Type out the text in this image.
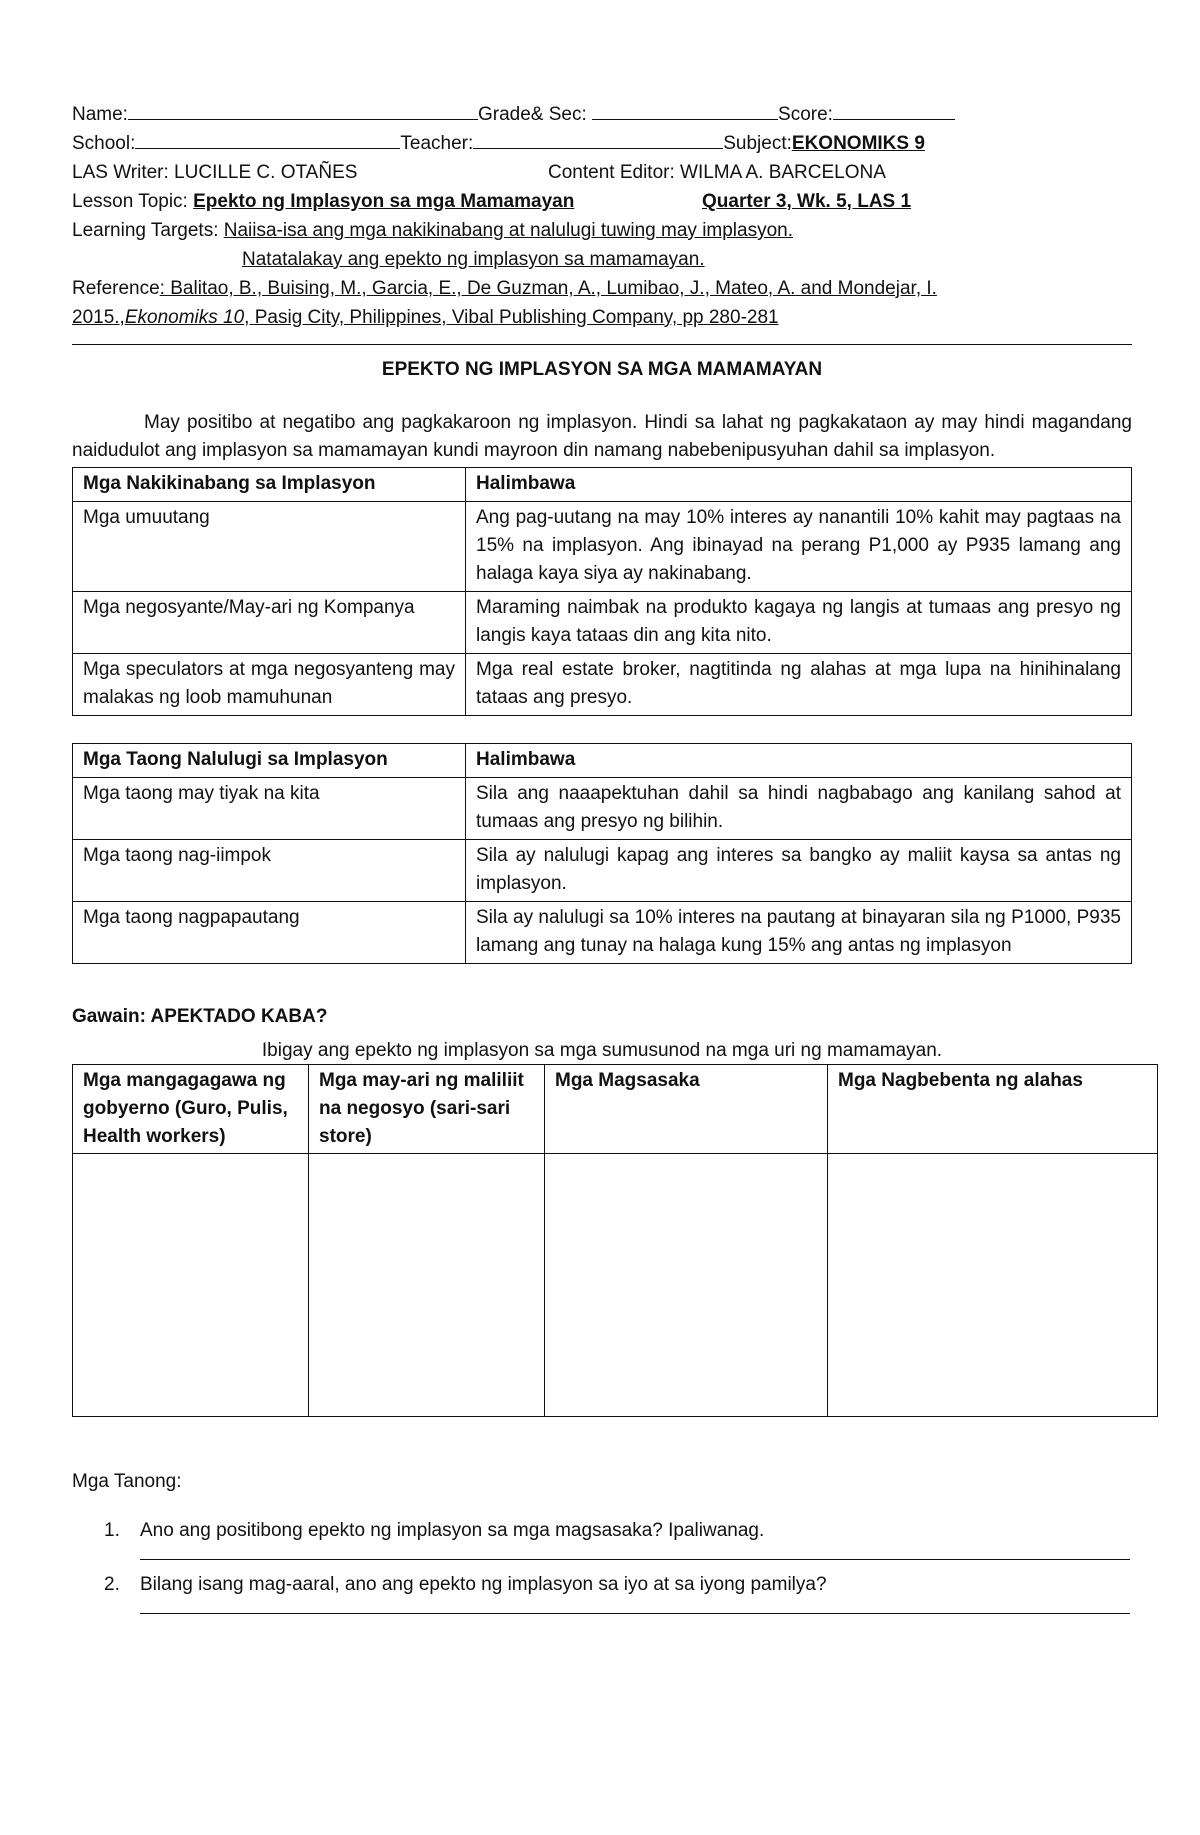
Name:	Grade& Sec:	Score:
School:	Teacher:	Subject:EKONOMIKS 9
LAS Writer: LUCILLE C. OTAÑES	Content Editor: WILMA A. BARCELONA
Lesson Topic: Epekto ng Implasyon sa mga Mamamayan	Quarter 3, Wk. 5, LAS 1
Learning Targets: Naiisa-isa ang mga nakikinabang at nalulugi tuwing may implasyon.
Natatalakay ang epekto ng implasyon sa mamamayan.
Reference: Balitao, B., Buising, M., Garcia, E., De Guzman, A., Lumibao, J., Mateo, A. and Mondejar, I.
2015.,Ekonomiks 10, Pasig City, Philippines, Vibal Publishing Company, pp 280-281
EPEKTO NG IMPLASYON SA MGA MAMAMAYAN

May positibo at negatibo ang pagkakaroon ng implasyon. Hindi sa lahat ng pagkakataon ay may hindi magandang naidudulot ang implasyon sa mamamayan kundi mayroon din namang nabebenipusyuhan dahil sa implasyon.

Mga Nakikinabang sa Implasyon	Halimbawa
Mga umuutang	Ang pag-uutang na may 10% interes ay nanantili 10% kahit may pagtaas na 15% na implasyon. Ang ibinayad na perang P1,000 ay P935 lamang ang halaga kaya siya ay nakinabang.
Mga negosyante/May-ari ng Kompanya	Maraming naimbak na produkto kagaya ng langis at tumaas ang presyo ng langis kaya tataas din ang kita nito.
Mga speculators at mga negosyanteng may malakas ng loob mamuhunan	Mga real estate broker, nagtitinda ng alahas at mga lupa na hinihinalang tataas ang presyo.
Mga Taong Nalulugi sa Implasyon	Halimbawa
Mga taong may tiyak na kita	Sila ang naaapektuhan dahil sa hindi nagbabago ang kanilang sahod at tumaas ang presyo ng bilihin.
Mga taong nag-iimpok	Sila ay nalulugi kapag ang interes sa bangko ay maliit kaysa sa antas ng implasyon.
Mga taong nagpapautang	Sila ay nalulugi sa 10% interes na pautang at binayaran sila ng P1000, P935 lamang ang tunay na halaga kung 15% ang antas ng implasyon
Gawain: APEKTADO KABA?
Ibigay ang epekto ng implasyon sa mga sumusunod na mga uri ng mamamayan.
Mga mangagagawa ng gobyerno (Guro, Pulis, Health workers)	Mga may-ari ng maliliit na negosyo (sari-sari store)	Mga Magsasaka	Mga Nagbebenta ng alahas

Mga Tanong:
1. Ano ang positibong epekto ng implasyon sa mga magsasaka? Ipaliwanag.
2. Bilang isang mag-aaral, ano ang epekto ng implasyon sa iyo at sa iyong pamilya?
